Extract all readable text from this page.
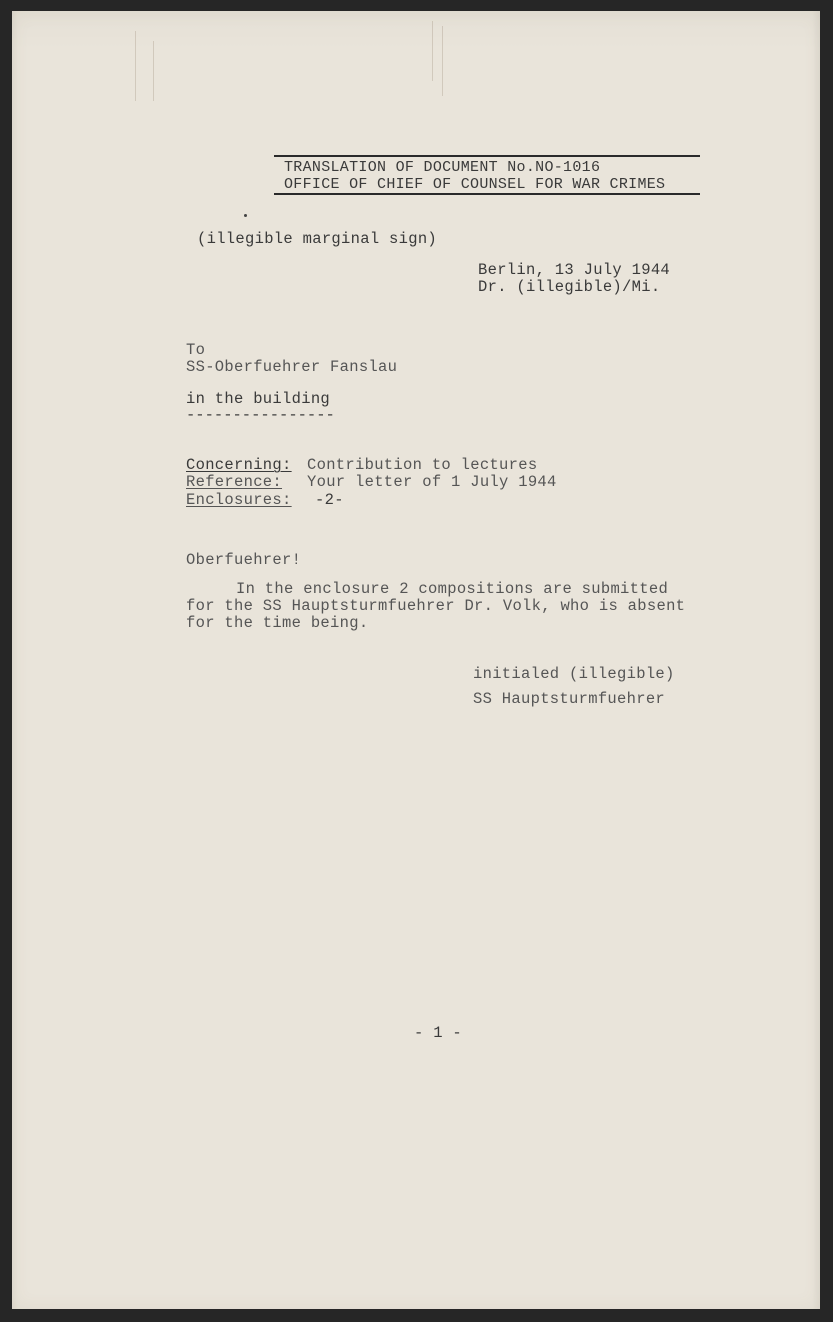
TRANSLATION OF DOCUMENT No.NO-1016
OFFICE OF CHIEF OF COUNSEL FOR WAR CRIMES
(illegible marginal sign)
Berlin, 13 July 1944
Dr. (illegible)/Mi.
To
SS-Oberfuehrer Fanslau
in the building
----------------
Concerning: Contribution to lectures
Reference: Your letter of 1 July 1944
Enclosures: -2-
Oberfuehrer!
In the enclosure 2 compositions are submitted
for the SS Hauptsturmfuehrer Dr. Volk, who is absent
for the time being.
initialed (illegible)
SS Hauptsturmfuehrer
- 1 -
